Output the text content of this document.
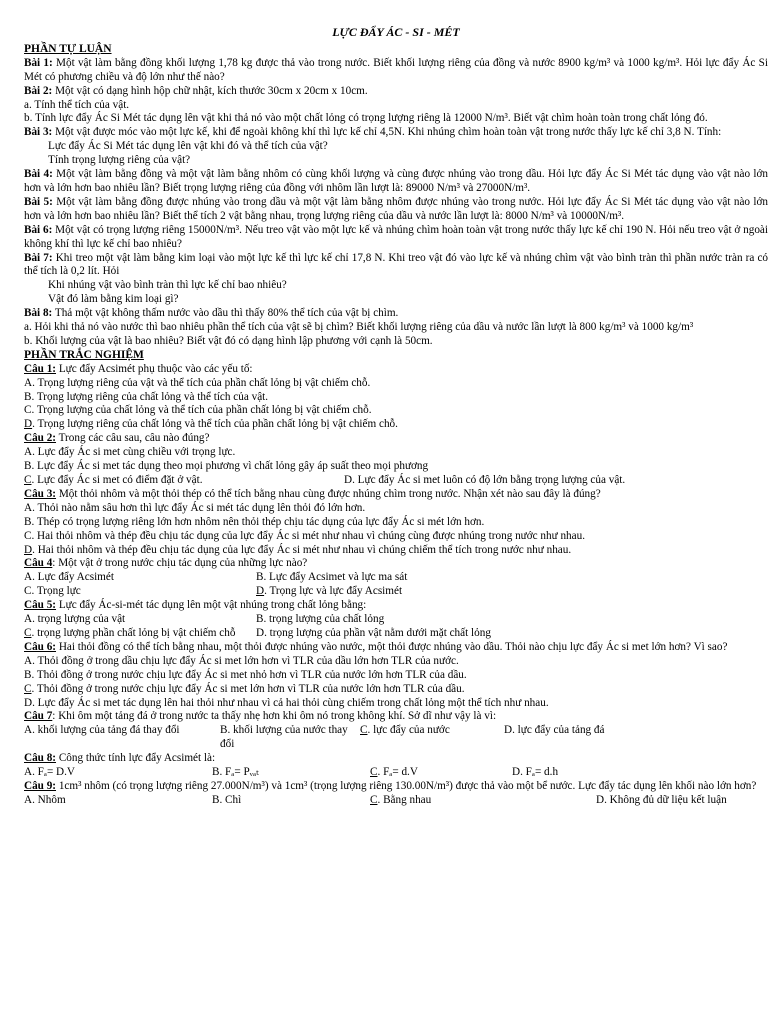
LỰC ĐẨY ÁC - SI - MÉT
PHẦN TỰ LUẬN

Bài 1: Một vật làm bằng đồng khối lượng 1,78 kg được thả vào trong nước. Biết khối lượng riêng của đồng và nước 8900 kg/m³ và 1000 kg/m³. Hỏi lực đẩy Ác Si Mét có phương chiều và độ lớn như thế nào?

Bài 2: Một vật có dạng hình hộp chữ nhật, kích thước 30cm x 20cm x 10cm.

a. Tính thể tích của vật.

b. Tính lực đẩy Ác Si Mét tác dụng lên vật khi thả nó vào một chất lỏng có trọng lượng riêng là 12000 N/m³. Biết vật chìm hoàn toàn trong chất lỏng đó.

Bài 3: Một vật được móc vào một lực kế, khi để ngoài không khí thì lực kế chỉ 4,5N. Khi nhúng chìm hoàn toàn vật trong nước thấy lực kế chỉ 3,8 N. Tính:

Lực đẩy Ác Si Mét tác dụng lên vật khi đó và thể tích của vật?

Tính trọng lượng riêng của vật?

Bài 4: Một vật làm bằng đồng và một vật làm bằng nhôm có cùng khối lượng và cùng được nhúng vào trong dầu. Hỏi lực đẩy Ác Si Mét tác dụng vào vật nào lớn hơn và lớn hơn bao nhiêu lần? Biết trọng lượng riêng của đồng với nhôm lần lượt là: 89000 N/m³ và 27000N/m³.

Bài 5: Một vật làm bằng đồng được nhúng vào trong dầu và một vật làm bằng nhôm được nhúng vào trong nước. Hỏi lực đẩy Ác Si Mét tác dụng vào vật nào lớn hơn và lớn hơn bao nhiêu lần? Biết thể tích 2 vật bằng nhau, trọng lượng riêng của dầu và nước lần lượt là: 8000 N/m³ và 10000N/m³.

Bài 6: Một vật có trọng lượng riêng 15000N/m³. Nếu treo vật vào một lực kế và nhúng chìm hoàn toàn vật trong nước thấy lực kế chỉ 190 N. Hỏi nếu treo vật ở ngoài không khí thì lực kế chỉ bao nhiêu?

Bài 7: Khi treo một vật làm bằng kim loại vào một lực kế thì lực kế chỉ 17,8 N. Khi treo vật đó vào lực kế và nhúng chìm vật vào bình tràn thì phần nước tràn ra có thể tích là 0,2 lít. Hỏi

Khi nhúng vật vào bình tràn thì lực kế chỉ bao nhiêu?

Vật đó làm bằng kim loại gì?

Bài 8: Thả một vật không thấm nước vào dầu thì thấy 80% thể tích của vật bị chìm.

a. Hỏi khi thả nó vào nước thì bao nhiêu phần thể tích của vật sẽ bị chìm? Biết khối lượng riêng của dầu và nước lần lượt là 800 kg/m³ và 1000 kg/m³

b. Khối lượng của vật là bao nhiêu? Biết vật đó có dạng hình lập phương với cạnh là 50cm.

PHẦN TRẮC NGHIỆM

Câu 1: Lực đẩy Acsimét phụ thuộc vào các yếu tố:

A. Trọng lượng riêng của vật và thể tích của phần chất lỏng bị vật chiếm chỗ.

B. Trọng lượng riêng của chất lỏng và thể tích của vật.

C. Trọng lượng của chất lỏng và thể tích của phần chất lỏng bị vật chiếm chỗ.

D. Trọng lượng riêng của chất lỏng và thể tích của phần chất lỏng bị vật chiếm chỗ.

Câu 2: Trong các câu sau, câu nào đúng?

A. Lực đẩy Ác si met cùng chiều với trọng lực.

B. Lực đẩy Ác si met tác dụng theo mọi phương vì chất lỏng gây áp suất theo mọi phương

C. Lực đẩy Ác si met có điểm đặt ở vật.	D. Lực đẩy Ác si met luôn có độ lớn bằng trọng lượng của vật.

Câu 3: Một thỏi nhôm và một thỏi thép có thể tích bằng nhau cùng được nhúng chìm trong nước. Nhận xét nào sau đây là đúng?

A. Thỏi nào nằm sâu hơn thì lực đẩy Ác si mét tác dụng lên thỏi đó lớn hơn.

B. Thép có trọng lượng riêng lớn hơn nhôm nên thỏi thép chịu tác dụng của lực đẩy Ác si mét lớn hơn.

C. Hai thỏi nhôm và thép đều chịu tác dụng của lực đẩy Ác si mét như nhau vì chúng cùng được nhúng trong nước như nhau.

D. Hai thỏi nhôm và thép đều chịu tác dụng của lực đẩy Ác si mét như nhau vì chúng chiếm thể tích trong nước như nhau.

Câu 4: Một vật ở trong nước chịu tác dụng của những lực nào?

A. Lực đẩy Acsimét	B. Lực đẩy Acsimet và lực ma sát
C. Trọng lực	D. Trọng lực và lực đẩy Acsimét

Câu 5: Lực đẩy Ác-si-mét tác dụng lên một vật nhúng trong chất lỏng bằng:

A. trọng lượng của vật	B. trọng lượng của chất lỏng
C. trọng lượng phần chất lỏng bị vật chiếm chỗ	D. trọng lượng của phần vật nằm dưới mặt chất lỏng

Câu 6: Hai thỏi đồng có thể tích bằng nhau, một thỏi được nhúng vào nước, một thỏi được nhúng vào dầu. Thỏi nào chịu lực đẩy Ác si met lớn hơn? Vì sao?

A. Thỏi đồng ở trong dầu chịu lực đẩy Ác si met lớn hơn vì TLR của dầu lớn hơn TLR của nước.

B. Thỏi đồng ở trong nước chịu lực đẩy Ác si met nhỏ hơn vì TLR của nước lớn hơn TLR của dầu.

C. Thỏi đồng ở trong nước chịu lực đẩy Ác si met lớn hơn vì TLR của nước lớn hơn TLR của dầu.

D. Lực đẩy Ác si met tác dụng lên hai thỏi như nhau vì cả hai thỏi cùng chiếm trong chất lỏng một thể tích như nhau.

Câu 7: Khi ôm một tảng đá ở trong nước ta thấy nhẹ hơn khi ôm nó trong không khí. Sở dĩ như vậy là vì:

A. khối lượng của tảng đá thay đổi	B. khối lượng của nước thay đổi
C. lực đẩy của nước	D. lực đẩy của tảng đá

Câu 8: Công thức tính lực đẩy Acsimét là:

A. Fₐ= D.V	B. Fₐ= Pᵥₐₜ	C. Fₐ= d.V	D. Fₐ= d.h

Câu 9: 1cm³ nhôm (có trọng lượng riêng 27.000N/m³) và 1cm³ (trọng lượng riêng 130.00N/m³) được thả vào một bể nước. Lực đẩy tác dụng lên khối nào lớn hơn?

A. Nhôm	B. Chì	C. Bằng nhau	D. Không đủ dữ liệu kết luận
